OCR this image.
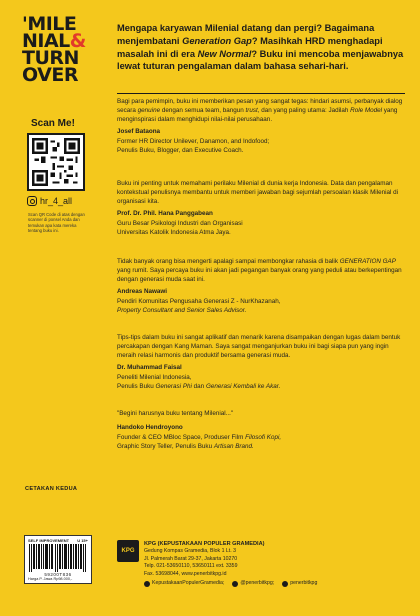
'MILE
NIAL&
TURN
OVER
Scan Me!
hr_4_all
Scan QR Code di atas dengan scanner di ponsel Anda dan temukan apa kata mereka tentang buku ini.
CETAKAN KEDUA
SELF IMPROVEMENT U 15+
59200T836
Harga P. Jawa Rp98.000,-

Mengapa karyawan Milenial datang dan pergi? Bagaimana menjembatani Generation Gap? Masihkah HRD menghadapi masalah ini di era New Normal? Buku ini mencoba menjawabnya lewat tuturan pengalaman dalam bahasa sehari-hari.

Bagi para pemimpin, buku ini memberikan pesan yang sangat tegas: hindari asumsi, perbanyak dialog secara genuine dengan semua team, bangun trust, dan yang paling utama: Jadilah Role Model yang menginspirasi dalam menghidupi nilai-nilai perusahaan.

Josef Bataona

Former HR Director Unilever, Danamon, and Indofood;
Penulis Buku, Blogger, dan Executive Coach.

Buku ini penting untuk memahami perilaku Milenial di dunia kerja Indonesia. Data dan pengalaman kontekstual penulisnya membantu untuk memberi jawaban bagi sejumlah persoalan klasik Milenial di organisasi kita.

Prof. Dr. Phil. Hana Panggabean

Guru Besar Psikologi Industri dan Organisasi
Universitas Katolik Indonesia Atma Jaya.

Tidak banyak orang bisa mengerti apalagi sampai membongkar rahasia di balik GENERATION GAP yang rumit. Saya percaya buku ini akan jadi pegangan banyak orang yang peduli atau berkepentingan dengan generasi muda saat ini.

Andreas Nawawi

Pendiri Komunitas Pengusaha Generasi Z - NurKhazanah,
Property Consultant and Senior Sales Advisor.

Tips-tips dalam buku ini sangat aplikatif dan menarik karena disampaikan dengan lugas dalam bentuk percakapan dengan Kang Maman. Saya sangat menganjurkan buku ini bagi siapa pun yang ingin meraih relasi harmonis dan produktif bersama generasi muda.

Dr. Muhammad Faisal

Peneliti Milenial Indonesia,
Penulis Buku Generasi Phi dan Generasi Kembali ke Akar.

"Begini harusnya buku tentang Milenial..."

Handoko Hendroyono

Founder & CEO MBloc Space, Produser Film Filosofi Kopi,
Graphic Story Teller, Penulis Buku Artisan Brand.
KPG
KPG (KEPUSTAKAAN POPULER GRAMEDIA)
Gedung Kompas Gramedia, Blok 1 Lt. 3
Jl. Palmerah Barat 29-37, Jakarta 10270
Telp. 021-53650110, 53650111 ext. 3359
Fax. 53698044, www.penerbitkpg.id
KepustakaanPopulerGramedia;	@penerbitkpg;	penerbitkpg
